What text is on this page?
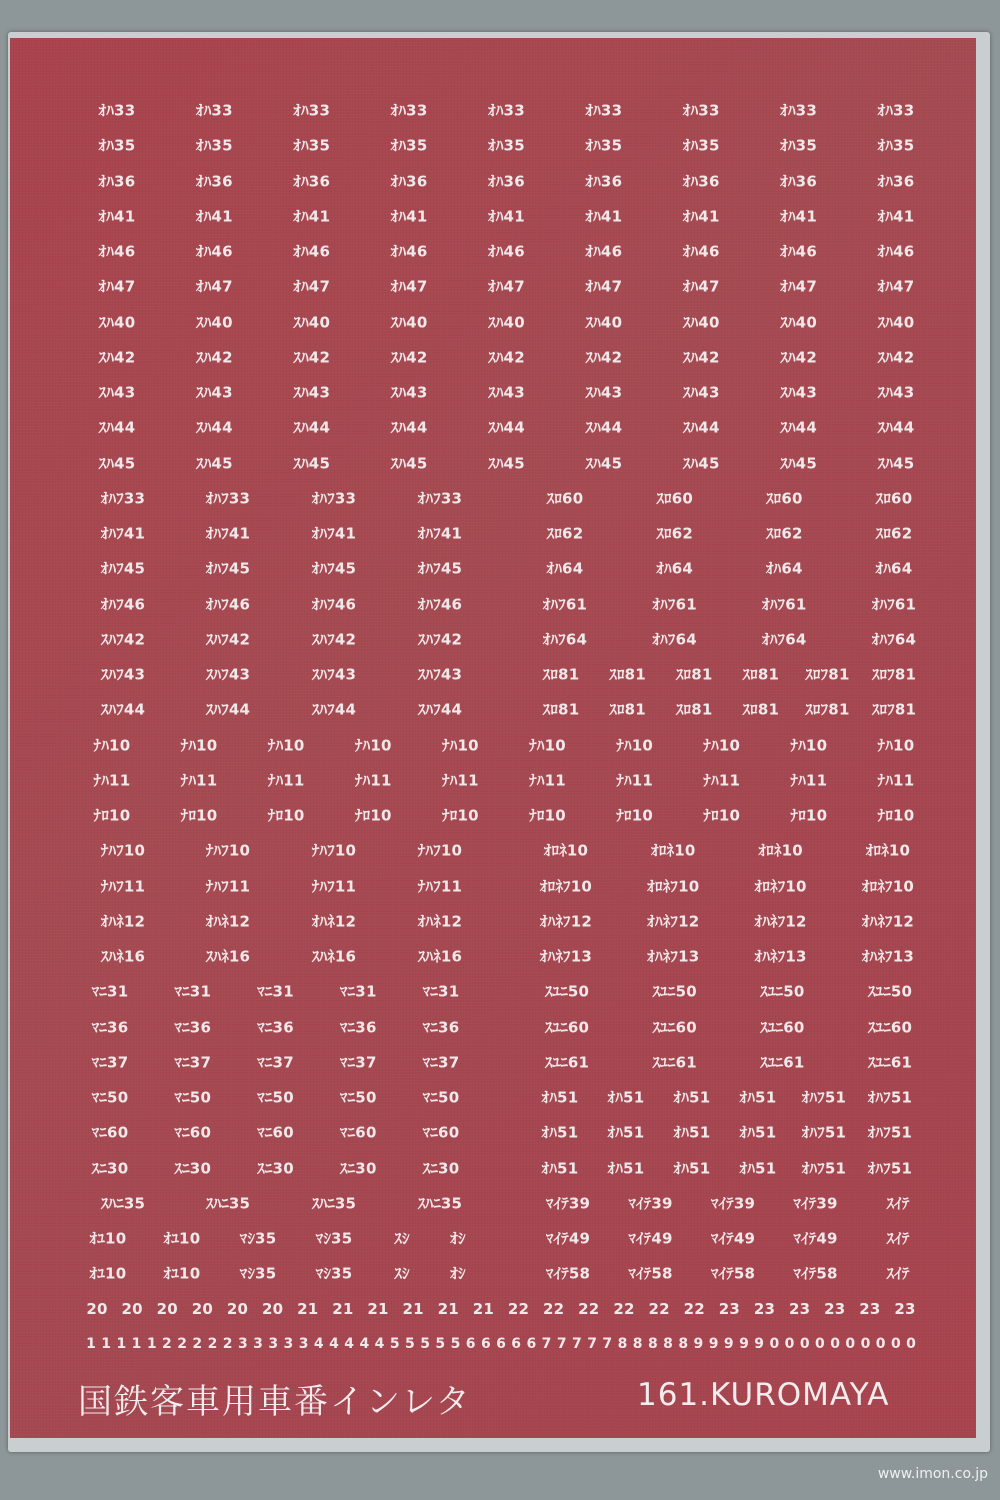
ｵﾊ33	ｵﾊ33	ｵﾊ33	ｵﾊ33	ｵﾊ33	ｵﾊ33	ｵﾊ33	ｵﾊ33	ｵﾊ33
ｵﾊ35	ｵﾊ35	ｵﾊ35	ｵﾊ35	ｵﾊ35	ｵﾊ35	ｵﾊ35	ｵﾊ35	ｵﾊ35
ｵﾊ36	ｵﾊ36	ｵﾊ36	ｵﾊ36	ｵﾊ36	ｵﾊ36	ｵﾊ36	ｵﾊ36	ｵﾊ36
ｵﾊ41	ｵﾊ41	ｵﾊ41	ｵﾊ41	ｵﾊ41	ｵﾊ41	ｵﾊ41	ｵﾊ41	ｵﾊ41
ｵﾊ46	ｵﾊ46	ｵﾊ46	ｵﾊ46	ｵﾊ46	ｵﾊ46	ｵﾊ46	ｵﾊ46	ｵﾊ46
ｵﾊ47	ｵﾊ47	ｵﾊ47	ｵﾊ47	ｵﾊ47	ｵﾊ47	ｵﾊ47	ｵﾊ47	ｵﾊ47
ｽﾊ40	ｽﾊ40	ｽﾊ40	ｽﾊ40	ｽﾊ40	ｽﾊ40	ｽﾊ40	ｽﾊ40	ｽﾊ40
ｽﾊ42	ｽﾊ42	ｽﾊ42	ｽﾊ42	ｽﾊ42	ｽﾊ42	ｽﾊ42	ｽﾊ42	ｽﾊ42
ｽﾊ43	ｽﾊ43	ｽﾊ43	ｽﾊ43	ｽﾊ43	ｽﾊ43	ｽﾊ43	ｽﾊ43	ｽﾊ43
ｽﾊ44	ｽﾊ44	ｽﾊ44	ｽﾊ44	ｽﾊ44	ｽﾊ44	ｽﾊ44	ｽﾊ44	ｽﾊ44
ｽﾊ45	ｽﾊ45	ｽﾊ45	ｽﾊ45	ｽﾊ45	ｽﾊ45	ｽﾊ45	ｽﾊ45	ｽﾊ45
ｵﾊﾌ33	ｵﾊﾌ33	ｵﾊﾌ33	ｵﾊﾌ33	ｽﾛ60	ｽﾛ60	ｽﾛ60	ｽﾛ60
ｵﾊﾌ41	ｵﾊﾌ41	ｵﾊﾌ41	ｵﾊﾌ41	ｽﾛ62	ｽﾛ62	ｽﾛ62	ｽﾛ62
ｵﾊﾌ45	ｵﾊﾌ45	ｵﾊﾌ45	ｵﾊﾌ45	ｵﾊ64	ｵﾊ64	ｵﾊ64	ｵﾊ64
ｵﾊﾌ46	ｵﾊﾌ46	ｵﾊﾌ46	ｵﾊﾌ46	ｵﾊﾌ61	ｵﾊﾌ61	ｵﾊﾌ61	ｵﾊﾌ61
ｽﾊﾌ42	ｽﾊﾌ42	ｽﾊﾌ42	ｽﾊﾌ42	ｵﾊﾌ64	ｵﾊﾌ64	ｵﾊﾌ64	ｵﾊﾌ64
ｽﾊﾌ43	ｽﾊﾌ43	ｽﾊﾌ43	ｽﾊﾌ43	ｽﾛ81 ｽﾛ81 ｽﾛ81 ｽﾛ81 ｽﾛﾌ81 ｽﾛﾌ81
ｽﾊﾌ44	ｽﾊﾌ44	ｽﾊﾌ44	ｽﾊﾌ44	ｽﾛ81 ｽﾛ81 ｽﾛ81 ｽﾛ81 ｽﾛﾌ81 ｽﾛﾌ81
ﾅﾊ10	ﾅﾊ10	ﾅﾊ10	ﾅﾊ10	ﾅﾊ10	ﾅﾊ10	ﾅﾊ10	ﾅﾊ10	ﾅﾊ10	ﾅﾊ10
ﾅﾊ11	ﾅﾊ11	ﾅﾊ11	ﾅﾊ11	ﾅﾊ11	ﾅﾊ11	ﾅﾊ11	ﾅﾊ11	ﾅﾊ11	ﾅﾊ11
ﾅﾛ10	ﾅﾛ10	ﾅﾛ10	ﾅﾛ10	ﾅﾛ10	ﾅﾛ10	ﾅﾛ10	ﾅﾛ10	ﾅﾛ10	ﾅﾛ10
ﾅﾊﾌ10	ﾅﾊﾌ10	ﾅﾊﾌ10	ﾅﾊﾌ10	ｵﾛﾈ10	ｵﾛﾈ10	ｵﾛﾈ10	ｵﾛﾈ10
ﾅﾊﾌ11	ﾅﾊﾌ11	ﾅﾊﾌ11	ﾅﾊﾌ11	ｵﾛﾈﾌ10	ｵﾛﾈﾌ10	ｵﾛﾈﾌ10	ｵﾛﾈﾌ10
ｵﾊﾈ12	ｵﾊﾈ12	ｵﾊﾈ12	ｵﾊﾈ12	ｵﾊﾈﾌ12	ｵﾊﾈﾌ12	ｵﾊﾈﾌ12	ｵﾊﾈﾌ12
ｽﾊﾈ16	ｽﾊﾈ16	ｽﾊﾈ16	ｽﾊﾈ16	ｵﾊﾈﾌ13	ｵﾊﾈﾌ13	ｵﾊﾈﾌ13	ｵﾊﾈﾌ13
ﾏﾆ31	ﾏﾆ31	ﾏﾆ31	ﾏﾆ31	ﾏﾆ31	ｽﾕﾆ50	ｽﾕﾆ50	ｽﾕﾆ50	ｽﾕﾆ50
ﾏﾆ36	ﾏﾆ36	ﾏﾆ36	ﾏﾆ36	ﾏﾆ36	ｽﾕﾆ60	ｽﾕﾆ60	ｽﾕﾆ60	ｽﾕﾆ60
ﾏﾆ37	ﾏﾆ37	ﾏﾆ37	ﾏﾆ37	ﾏﾆ37	ｽﾕﾆ61	ｽﾕﾆ61	ｽﾕﾆ61	ｽﾕﾆ61
ﾏﾆ50	ﾏﾆ50	ﾏﾆ50	ﾏﾆ50	ﾏﾆ50	ｵﾊ51 ｵﾊ51 ｵﾊ51 ｵﾊ51 ｵﾊﾌ51 ｵﾊﾌ51
ﾏﾆ60	ﾏﾆ60	ﾏﾆ60	ﾏﾆ60	ﾏﾆ60	ｵﾊ51 ｵﾊ51 ｵﾊ51 ｵﾊ51 ｵﾊﾌ51 ｵﾊﾌ51
ｽﾆ30	ｽﾆ30	ｽﾆ30	ｽﾆ30	ｽﾆ30	ｵﾊ51 ｵﾊ51 ｵﾊ51 ｵﾊ51 ｵﾊﾌ51 ｵﾊﾌ51
ｽﾊﾆ35	ｽﾊﾆ35	ｽﾊﾆ35	ｽﾊﾆ35	ﾏｲﾃ39	ﾏｲﾃ39	ﾏｲﾃ39	ﾏｲﾃ39	ｽｲﾃ
ｵﾕ10 ｵﾕ10	ﾏｼ35	ﾏｼ35	ｽｼ	ｵｼ	ﾏｲﾃ49	ﾏｲﾃ49	ﾏｲﾃ49	ﾏｲﾃ49	ｽｲﾃ
ｵﾕ10 ｵﾕ10	ﾏｼ35	ﾏｼ35	ｽｼ	ｵｼ	ﾏｲﾃ58	ﾏｲﾃ58	ﾏｲﾃ58	ﾏｲﾃ58	ｽｲﾃ
20 20 20 20 20 20 21 21 21 21 21 21 22 22 22 22 22 22 23 23 23 23 23 23
1 1 1 1 1 2 2 2 2 2 3 3 3 3 3 4 4 4 4 4 5 5 5 5 5 6 6 6 6 6 7 7 7 7 7 8 8 8 8 8 9 9 9 9 9 0 0 0 0 0 0 0 0 0 0
国鉄客車用車番インレタ	161.KUROMAYA
www.imon.co.jp
